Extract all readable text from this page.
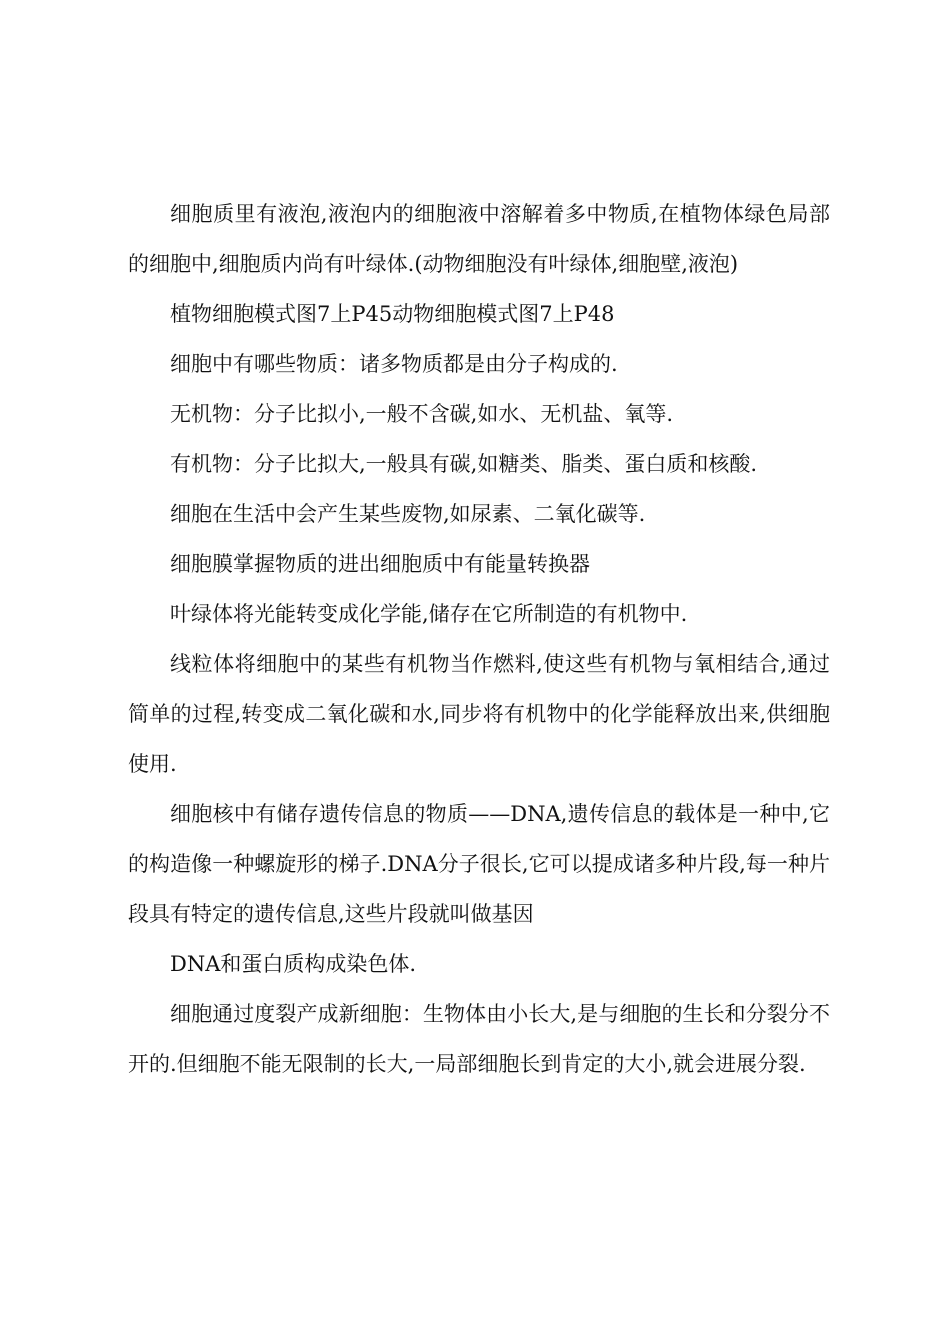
细胞质里有液泡,液泡内的细胞液中溶解着多中物质,在植物体绿色局部的细胞中,细胞质内尚有叶绿体.(动物细胞没有叶绿体,细胞壁,液泡)

植物细胞模式图7上P45动物细胞模式图7上P48

细胞中有哪些物质：诸多物质都是由分子构成的.

无机物：分子比拟小,一般不含碳,如水、无机盐、氧等.

有机物：分子比拟大,一般具有碳,如糖类、脂类、蛋白质和核酸.

细胞在生活中会产生某些废物,如尿素、二氧化碳等.

细胞膜掌握物质的进出细胞质中有能量转换器

叶绿体将光能转变成化学能,储存在它所制造的有机物中.

线粒体将细胞中的某些有机物当作燃料,使这些有机物与氧相结合,通过简单的过程,转变成二氧化碳和水,同步将有机物中的化学能释放出来,供细胞使用.

细胞核中有储存遗传信息的物质——DNA,遗传信息的载体是一种中,它的构造像一种螺旋形的梯子.DNA分子很长,它可以提成诸多种片段,每一种片段具有特定的遗传信息,这些片段就叫做基因

DNA和蛋白质构成染色体.

细胞通过度裂产成新细胞：生物体由小长大,是与细胞的生长和分裂分不开的.但细胞不能无限制的长大,一局部细胞长到肯定的大小,就会进展分裂.
